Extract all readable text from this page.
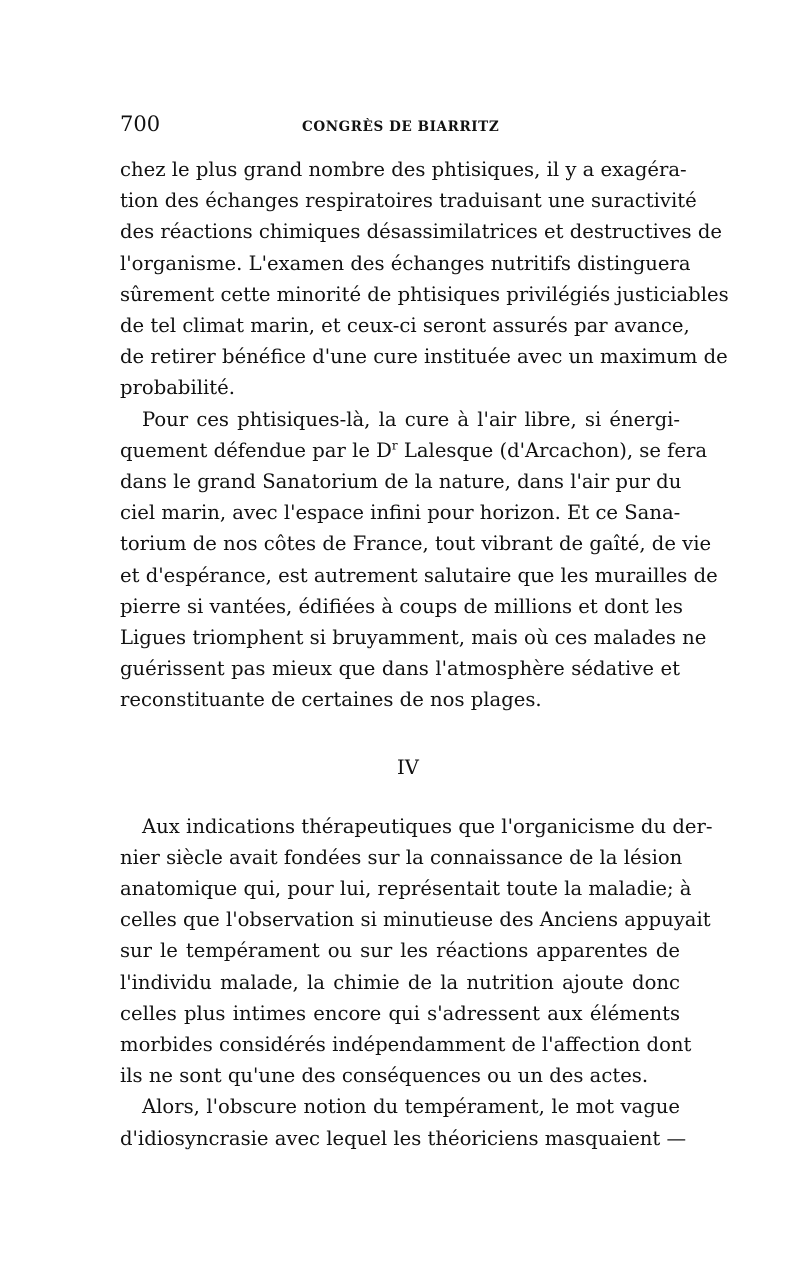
700	CONGRÈS DE BIARRITZ
chez le plus grand nombre des phtisiques, il y a exagéra-
tion des échanges respiratoires traduisant une suractivité
des réactions chimiques désassimilatrices et destructives de
l'organisme. L'examen des échanges nutritifs distinguera
sûrement cette minorité de phtisiques privilégiés justiciables
de tel climat marin, et ceux-ci seront assurés par avance,
de retirer bénéfice d'une cure instituée avec un maximum de
probabilité.
Pour ces phtisiques-là, la cure à l'air libre, si énergi-
quement défendue par le $D^r$ Lalesque (d'Arcachon), se fera
dans le grand Sanatorium de la nature, dans l'air pur du
ciel marin, avec l'espace infini pour horizon. Et ce Sana-
torium de nos côtes de France, tout vibrant de gaîté, de vie
et d'espérance, est autrement salutaire que les murailles de
pierre si vantées, édifiées à coups de millions et dont les
Ligues triomphent si bruyamment, mais où ces malades ne
guérissent pas mieux que dans l'atmosphère sédative et
reconstituante de certaines de nos plages.
IV
Aux indications thérapeutiques que l'organicisme du der-
nier siècle avait fondées sur la connaissance de la lésion
anatomique qui, pour lui, représentait toute la maladie; à
celles que l'observation si minutieuse des Anciens appuyait
sur le tempérament ou sur les réactions apparentes de
l'individu malade, la chimie de la nutrition ajoute donc
celles plus intimes encore qui s'adressent aux éléments
morbides considérés indépendamment de l'affection dont
ils ne sont qu'une des conséquences ou un des actes.
Alors, l'obscure notion du tempérament, le mot vague
d'idiosyncrasie avec lequel les théoriciens masquaient —
